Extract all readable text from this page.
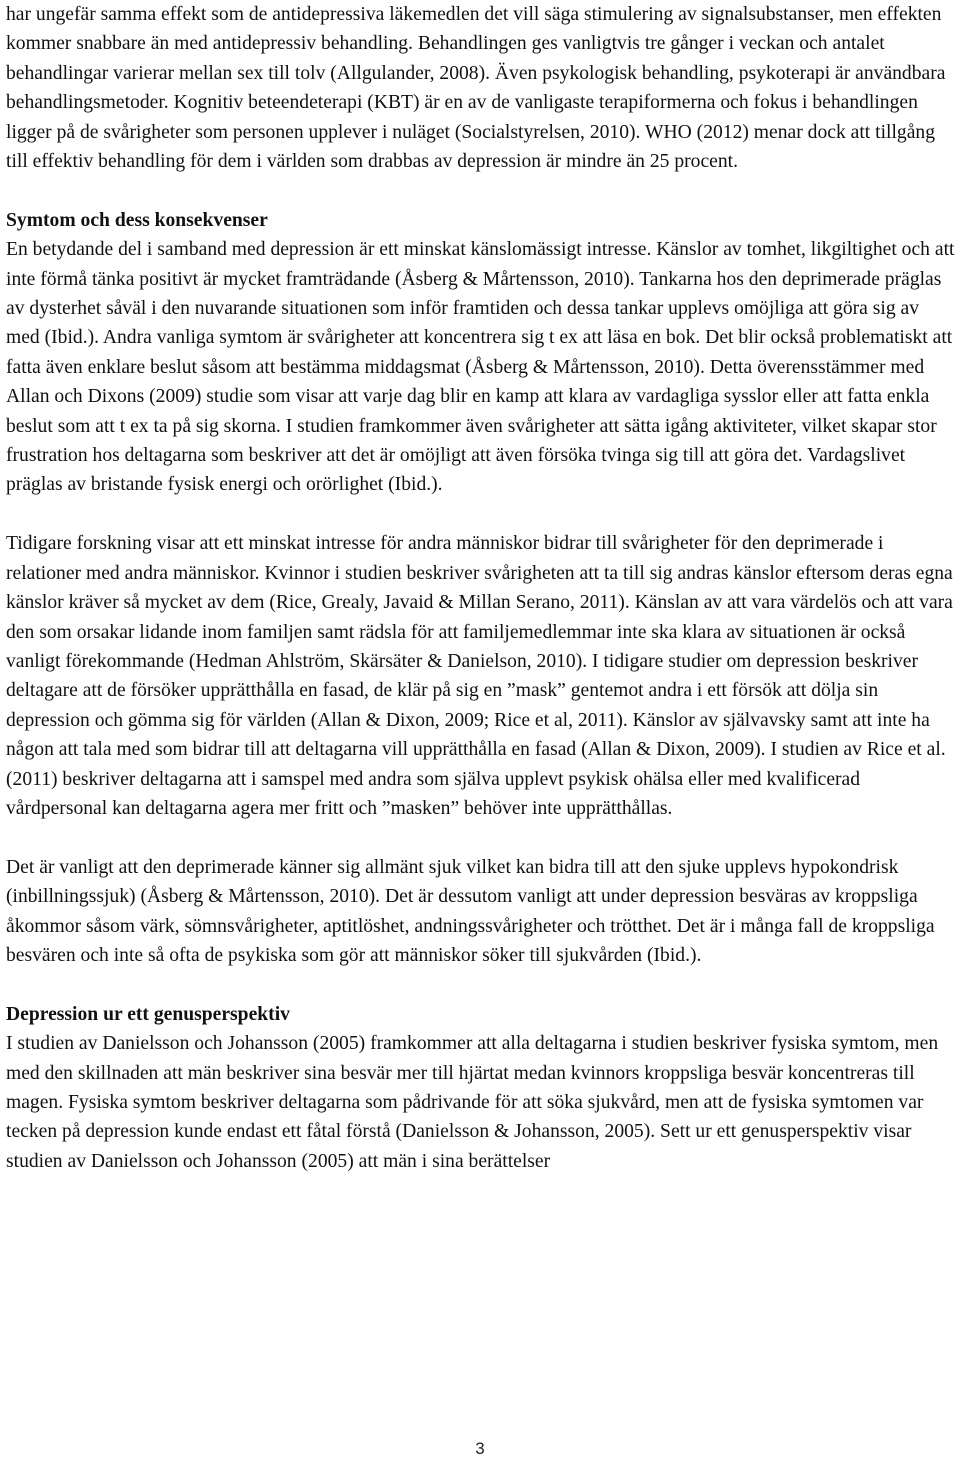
har ungefär samma effekt som de antidepressiva läkemedlen det vill säga stimulering av signalsubstanser, men effekten kommer snabbare än med antidepressiv behandling. Behandlingen ges vanligtvis tre gånger i veckan och antalet behandlingar varierar mellan sex till tolv (Allgulander, 2008). Även psykologisk behandling, psykoterapi är användbara behandlingsmetoder. Kognitiv beteendeterapi (KBT) är en av de vanligaste terapiformerna och fokus i behandlingen ligger på de svårigheter som personen upplever i nuläget (Socialstyrelsen, 2010). WHO (2012) menar dock att tillgång till effektiv behandling för dem i världen som drabbas av depression är mindre än 25 procent.

Symtom och dess konsekvenser

En betydande del i samband med depression är ett minskat känslomässigt intresse. Känslor av tomhet, likgiltighet och att inte förmå tänka positivt är mycket framträdande (Åsberg & Mårtensson, 2010). Tankarna hos den deprimerade präglas av dysterhet såväl i den nuvarande situationen som inför framtiden och dessa tankar upplevs omöjliga att göra sig av med (Ibid.). Andra vanliga symtom är svårigheter att koncentrera sig t ex att läsa en bok. Det blir också problematiskt att fatta även enklare beslut såsom att bestämma middagsmat (Åsberg & Mårtensson, 2010). Detta överensstämmer med Allan och Dixons (2009) studie som visar att varje dag blir en kamp att klara av vardagliga sysslor eller att fatta enkla beslut som att t ex ta på sig skorna. I studien framkommer även svårigheter att sätta igång aktiviteter, vilket skapar stor frustration hos deltagarna som beskriver att det är omöjligt att även försöka tvinga sig till att göra det. Vardagslivet präglas av bristande fysisk energi och orörlighet (Ibid.).

Tidigare forskning visar att ett minskat intresse för andra människor bidrar till svårigheter för den deprimerade i relationer med andra människor. Kvinnor i studien beskriver svårigheten att ta till sig andras känslor eftersom deras egna känslor kräver så mycket av dem (Rice, Grealy, Javaid & Millan Serano, 2011). Känslan av att vara värdelös och att vara den som orsakar lidande inom familjen samt rädsla för att familjemedlemmar inte ska klara av situationen är också vanligt förekommande (Hedman Ahlström, Skärsäter & Danielson, 2010). I tidigare studier om depression beskriver deltagare att de försöker upprätthålla en fasad, de klär på sig en ”mask” gentemot andra i ett försök att dölja sin depression och gömma sig för världen (Allan & Dixon, 2009; Rice et al, 2011). Känslor av självavsky samt att inte ha någon att tala med som bidrar till att deltagarna vill upprätthålla en fasad (Allan & Dixon, 2009). I studien av Rice et al. (2011) beskriver deltagarna att i samspel med andra som själva upplevt psykisk ohälsa eller med kvalificerad vårdpersonal kan deltagarna agera mer fritt och ”masken” behöver inte upprätthållas.

Det är vanligt att den deprimerade känner sig allmänt sjuk vilket kan bidra till att den sjuke upplevs hypokondrisk (inbillningssjuk) (Åsberg & Mårtensson, 2010). Det är dessutom vanligt att under depression besväras av kroppsliga åkommor såsom värk, sömnsvårigheter, aptitlöshet, andningssvårigheter och trötthet. Det är i många fall de kroppsliga besvären och inte så ofta de psykiska som gör att människor söker till sjukvården (Ibid.).

Depression ur ett genusperspektiv

I studien av Danielsson och Johansson (2005) framkommer att alla deltagarna i studien beskriver fysiska symtom, men med den skillnaden att män beskriver sina besvär mer till hjärtat medan kvinnors kroppsliga besvär koncentreras till magen. Fysiska symtom beskriver deltagarna som pådrivande för att söka sjukvård, men att de fysiska symtomen var tecken på depression kunde endast ett fåtal förstå (Danielsson & Johansson, 2005). Sett ur ett genusperspektiv visar studien av Danielsson och Johansson (2005) att män i sina berättelser

3
